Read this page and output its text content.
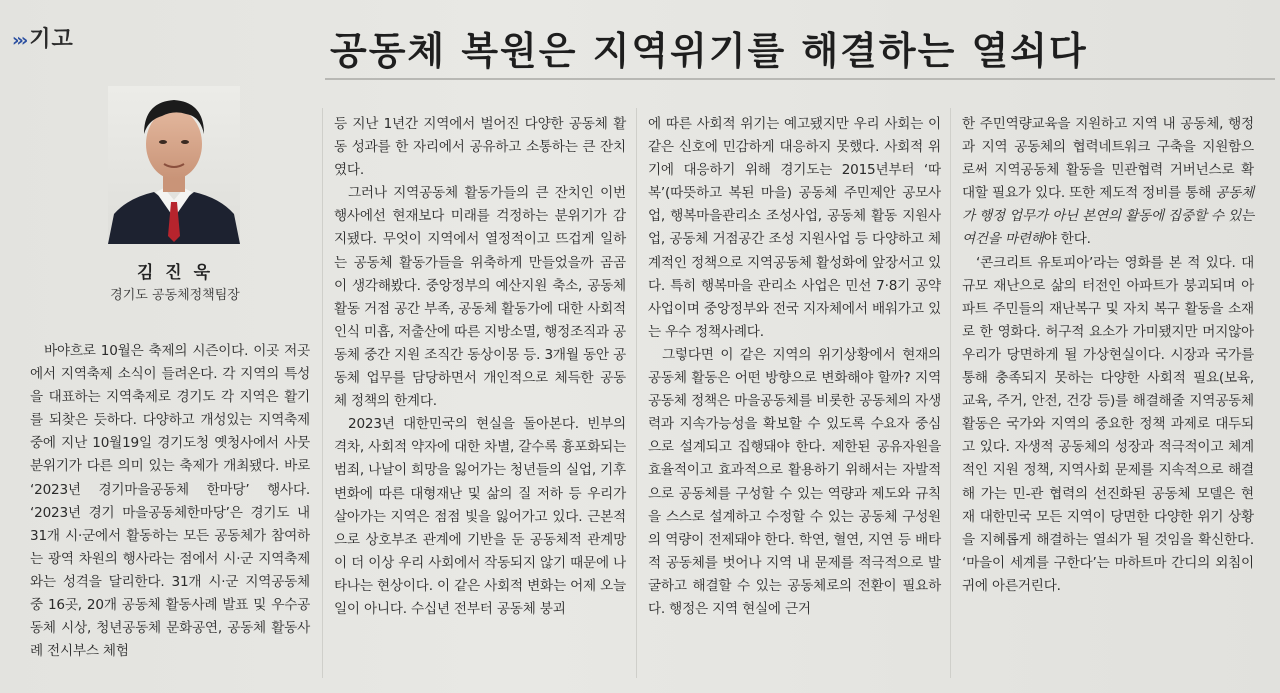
››› 기고	공동체 복원은 지역위기를 해결하는 열쇠다
김 진 욱
경기도 공동체정책팀장

바야흐로 10월은 축제의 시즌이다. 이곳 저곳에서 지역축제 소식이 들려온다. 각 지역의 특성을 대표하는 지역축제로 경기도 각 지역은 활기를 되찾은 듯하다. 다양하고 개성있는 지역축제 중에 지난 10월19일 경기도청 옛청사에서 사뭇 분위기가 다른 의미 있는 축제가 개최됐다. 바로 ‘2023년 경기마을공동체 한마당’ 행사다. ‘2023년 경기 마을공동체한마당’은 경기도 내 31개 시·군에서 활동하는 모든 공동체가 참여하는 광역 차원의 행사라는 점에서 시·군 지역축제와는 성격을 달리한다. 31개 시·군 지역공동체 중 16곳, 20개 공동체 활동사례 발표 및 우수공동체 시상, 청년공동체 문화공연, 공동체 활동사례 전시부스 체험

등 지난 1년간 지역에서 벌어진 다양한 공동체 활동 성과를 한 자리에서 공유하고 소통하는 큰 잔치였다.

그러나 지역공동체 활동가들의 큰 잔치인 이번 행사에선 현재보다 미래를 걱정하는 분위기가 감지됐다. 무엇이 지역에서 열정적이고 뜨겁게 일하는 공동체 활동가들을 위축하게 만들었을까 곰곰이 생각해봤다. 중앙정부의 예산지원 축소, 공동체 활동 거점 공간 부족, 공동체 활동가에 대한 사회적 인식 미흡, 저출산에 따른 지방소멸, 행정조직과 공동체 중간 지원 조직간 동상이몽 등. 3개월 동안 공동체 업무를 담당하면서 개인적으로 체득한 공동체 정책의 한계다.

2023년 대한민국의 현실을 돌아본다. 빈부의 격차, 사회적 약자에 대한 차별, 갈수록 흉포화되는 범죄, 나날이 희망을 잃어가는 청년들의 실업, 기후변화에 따른 대형재난 및 삶의 질 저하 등 우리가 살아가는 지역은 점점 빛을 잃어가고 있다. 근본적으로 상호부조 관계에 기반을 둔 공동체적 관계망이 더 이상 우리 사회에서 작동되지 않기 때문에 나타나는 현상이다. 이 같은 사회적 변화는 어제 오늘 일이 아니다. 수십년 전부터 공동체 붕괴

에 따른 사회적 위기는 예고됐지만 우리 사회는 이 같은 신호에 민감하게 대응하지 못했다. 사회적 위기에 대응하기 위해 경기도는 2015년부터 ‘따복’(따뜻하고 복된 마을) 공동체 주민제안 공모사업, 행복마을관리소 조성사업, 공동체 활동 지원사업, 공동체 거점공간 조성 지원사업 등 다양하고 체계적인 정책으로 지역공동체 활성화에 앞장서고 있다. 특히 행복마을 관리소 사업은 민선 7·8기 공약사업이며 중앙정부와 전국 지자체에서 배워가고 있는 우수 정책사례다.

그렇다면 이 같은 지역의 위기상황에서 현재의 공동체 활동은 어떤 방향으로 변화해야 할까? 지역공동체 정책은 마을공동체를 비롯한 공동체의 자생력과 지속가능성을 확보할 수 있도록 수요자 중심으로 설계되고 집행돼야 한다. 제한된 공유자원을 효율적이고 효과적으로 활용하기 위해서는 자발적으로 공동체를 구성할 수 있는 역량과 제도와 규칙을 스스로 설계하고 수정할 수 있는 공동체 구성원의 역량이 전제돼야 한다. 학연, 혈연, 지연 등 배타적 공동체를 벗어나 지역 내 문제를 적극적으로 발굴하고 해결할 수 있는 공동체로의 전환이 필요하다. 행정은 지역 현실에 근거

한 주민역량교육을 지원하고 지역 내 공동체, 행정과 지역 공동체의 협력네트워크 구축을 지원함으로써 지역공동체 활동을 민관협력 거버넌스로 확대할 필요가 있다. 또한 제도적 정비를 통해 공동체가 행정 업무가 아닌 본연의 활동에 집중할 수 있는 여건을 마련해야 한다.

‘콘크리트 유토피아’라는 영화를 본 적 있다. 대규모 재난으로 삶의 터전인 아파트가 붕괴되며 아파트 주민들의 재난복구 및 자치 복구 활동을 소재로 한 영화다. 허구적 요소가 가미됐지만 머지않아 우리가 당면하게 될 가상현실이다. 시장과 국가를 통해 충족되지 못하는 다양한 사회적 필요(보육, 교육, 주거, 안전, 건강 등)를 해결해줄 지역공동체 활동은 국가와 지역의 중요한 정책 과제로 대두되고 있다. 자생적 공동체의 성장과 적극적이고 체계적인 지원 정책, 지역사회 문제를 지속적으로 해결해 가는 민-관 협력의 선진화된 공동체 모델은 현재 대한민국 모든 지역이 당면한 다양한 위기 상황을 지혜롭게 해결하는 열쇠가 될 것임을 확신한다. ‘마을이 세계를 구한다’는 마하트마 간디의 외침이 귀에 아른거린다.
